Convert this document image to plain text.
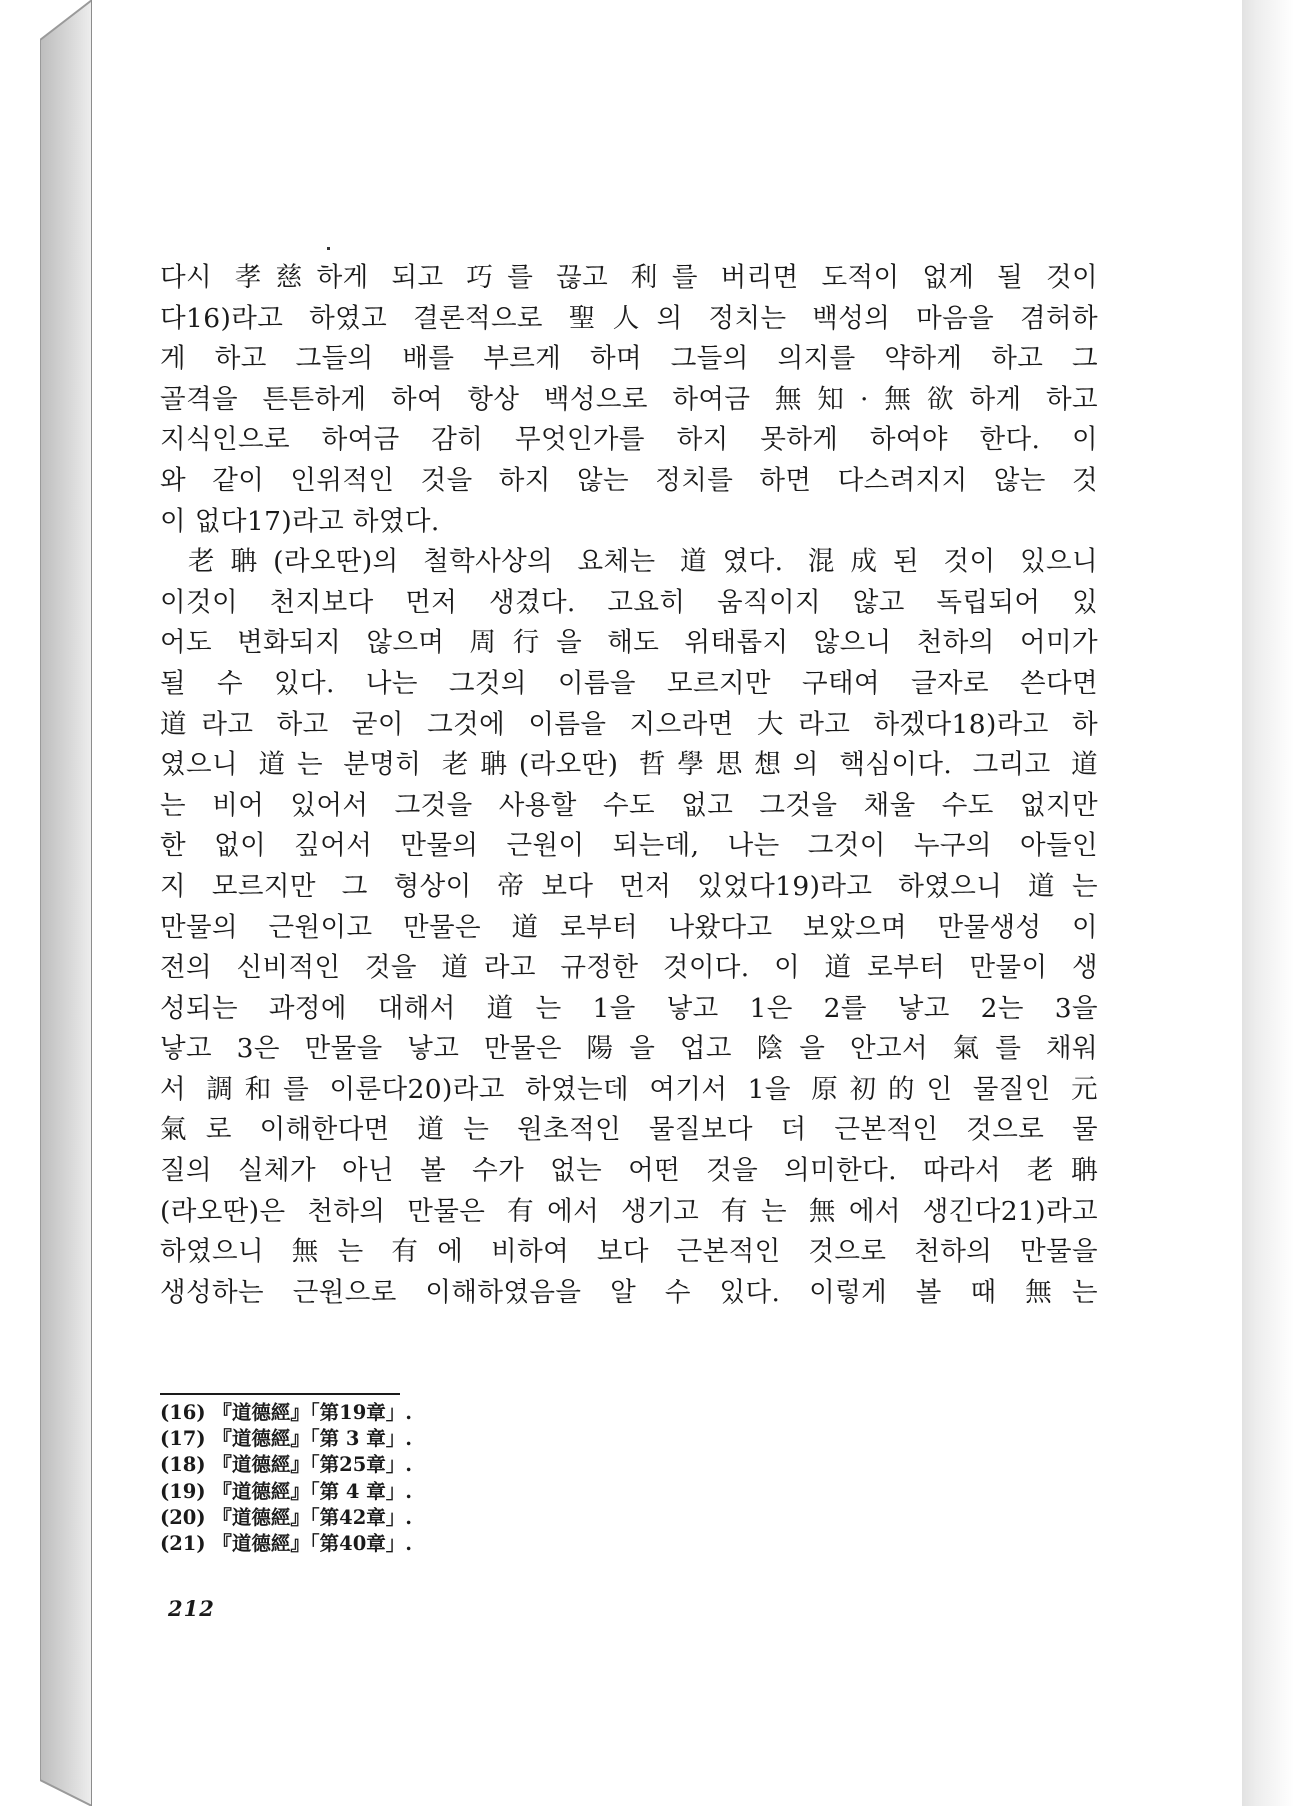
다시 孝慈하게 되고 巧를 끊고 利를 버리면 도적이 없게 될 것이
다16)라고 하였고 결론적으로 聖人의 정치는 백성의 마음을 겸허하
게 하고 그들의 배를 부르게 하며 그들의 의지를 약하게 하고 그
골격을 튼튼하게 하여 항상 백성으로 하여금 無知·無欲하게 하고
지식인으로 하여금 감히 무엇인가를 하지 못하게 하여야 한다. 이
와 같이 인위적인 것을 하지 않는 정치를 하면 다스려지지 않는 것
이 없다17)라고 하였다.
老聃(라오딴)의 철학사상의 요체는 道였다. 混成된 것이 있으니
이것이 천지보다 먼저 생겼다. 고요히 움직이지 않고 독립되어 있
어도 변화되지 않으며 周行을 해도 위태롭지 않으니 천하의 어미가
될 수 있다. 나는 그것의 이름을 모르지만 구태여 글자로 쓴다면
道라고 하고 굳이 그것에 이름을 지으라면 大라고 하겠다18)라고 하
였으니 道는 분명히 老聃(라오딴) 哲學思想의 핵심이다. 그리고 道
는 비어 있어서 그것을 사용할 수도 없고 그것을 채울 수도 없지만
한 없이 깊어서 만물의 근원이 되는데, 나는 그것이 누구의 아들인
지 모르지만 그 형상이 帝보다 먼저 있었다19)라고 하였으니 道는
만물의 근원이고 만물은 道로부터 나왔다고 보았으며 만물생성 이
전의 신비적인 것을 道라고 규정한 것이다. 이 道로부터 만물이 생
성되는 과정에 대해서 道는 1을 낳고 1은 2를 낳고 2는 3을
낳고 3은 만물을 낳고 만물은 陽을 업고 陰을 안고서 氣를 채워
서 調和를 이룬다20)라고 하였는데 여기서 1을 原初的인 물질인 元
氣로 이해한다면 道는 원초적인 물질보다 더 근본적인 것으로 물
질의 실체가 아닌 볼 수가 없는 어떤 것을 의미한다. 따라서 老聃
(라오딴)은 천하의 만물은 有에서 생기고 有는 無에서 생긴다21)라고
하였으니 無는 有에 비하여 보다 근본적인 것으로 천하의 만물을
생성하는 근원으로 이해하였음을 알 수 있다. 이렇게 볼 때 無는
(16) 『道德經』「第19章」.
(17) 『道德經』「第 3 章」.
(18) 『道德經』「第25章」.
(19) 『道德經』「第 4 章」.
(20) 『道德經』「第42章」.
(21) 『道德經』「第40章」.
212
